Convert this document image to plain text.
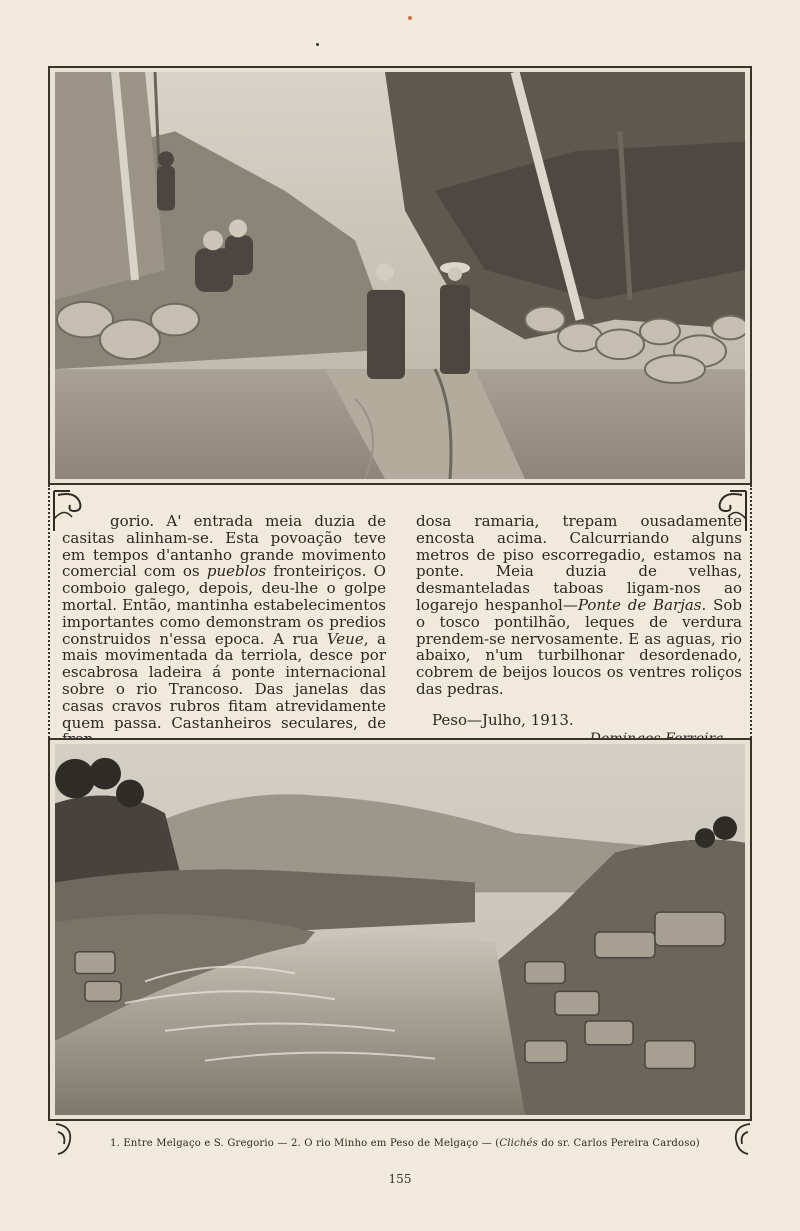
gorio. A' entrada meia duzia de casitas alinham-se. Esta povoação teve em tempos d'antanho grande movimento comercial com os pueblos fronteiriços. O comboio galego, depois, deu-lhe o golpe mortal. Então, mantinha estabelecimentos importantes como demonstram os predios construidos n'essa epoca. A rua Veue, a mais movimentada da terriola, desce por escabrosa ladeira á ponte internacional sobre o rio Trancoso. Das janelas das casas cravos rubros fitam atrevidamente quem passa. Castanheiros seculares, de

dosa ramaria, trepam ousadamente encosta acima. Calcurriando alguns metros de piso escorregadio, estamos na ponte. Meia duzia de velhas, desmanteladas taboas ligam-nos ao logarejo hespanhol—Ponte de Barjas. Sob o tosco pontilhão, leques de verdura prendem-se nervosamente. E as aguas, rio abaixo, n'um turbilhonar desordenado, cobrem de beijos loucos os ventres roliços das pedras.

Peso—Julho, 1913.

1. Entre Melgaço e S. Gregorio — 2. O rio Minho em Peso de Melgaço — (Clichés do sr. Carlos Pereira Cardoso)
155
